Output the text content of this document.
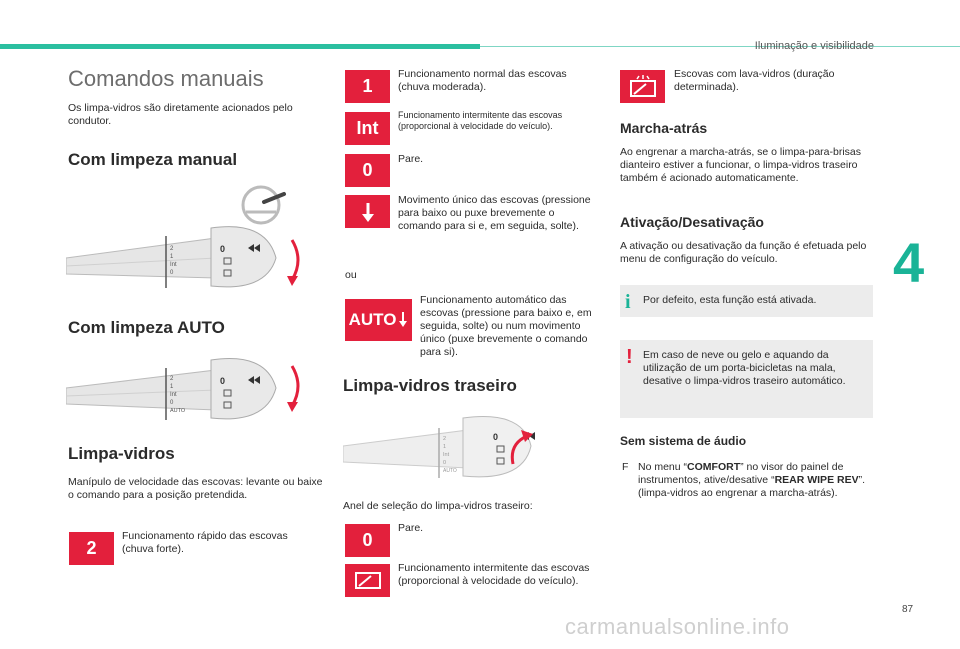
Iluminação e visibilidade
4
87
Comandos manuais

Os limpa-vidros são diretamente acionados pelo condutor.

Com limpeza manual
2
1
Int
0
0
Com limpeza AUTO
2
1
Int
0
AUTO
0
Limpa-vidros

Manípulo de velocidade das escovas: levante ou baixe o comando para a posição pretendida.

2

Funcionamento rápido das escovas (chuva forte).

1

Funcionamento normal das escovas (chuva moderada).

Int

Funcionamento intermitente das escovas (proporcional à velocidade do veículo).

0

Pare.

Movimento único das escovas (pressione para baixo ou puxe brevemente o comando para si e, em seguida, solte).

ou

AUTO

Funcionamento automático das escovas (pressione para baixo e, em seguida, solte) ou num movimento único (puxe brevemente o comando para si).

Limpa-vidros traseiro
2
1
Int
0
AUTO
0

Anel de seleção do limpa-vidros traseiro:

0

Pare.

Funcionamento intermitente das escovas (proporcional à velocidade do veículo).

Escovas com lava-vidros (duração determinada).

Marcha-atrás

Ao engrenar a marcha-atrás, se o limpa-para-brisas dianteiro estiver a funcionar, o limpa-vidros traseiro também é acionado automaticamente.

Ativação/Desativação

A ativação ou desativação da função é efetuada pelo menu de configuração do veículo.

i Por defeito, esta função está ativada.

! Em caso de neve ou gelo e aquando da utilização de um porta-bicicletas na mala, desative o limpa-vidros traseiro automático.

Sem sistema de áudio
F No menu “COMFORT” no visor do painel de instrumentos, ative/desative “REAR WIPE REV”. (limpa-vidros ao engrenar a marcha-atrás).

carmanualsonline.info
